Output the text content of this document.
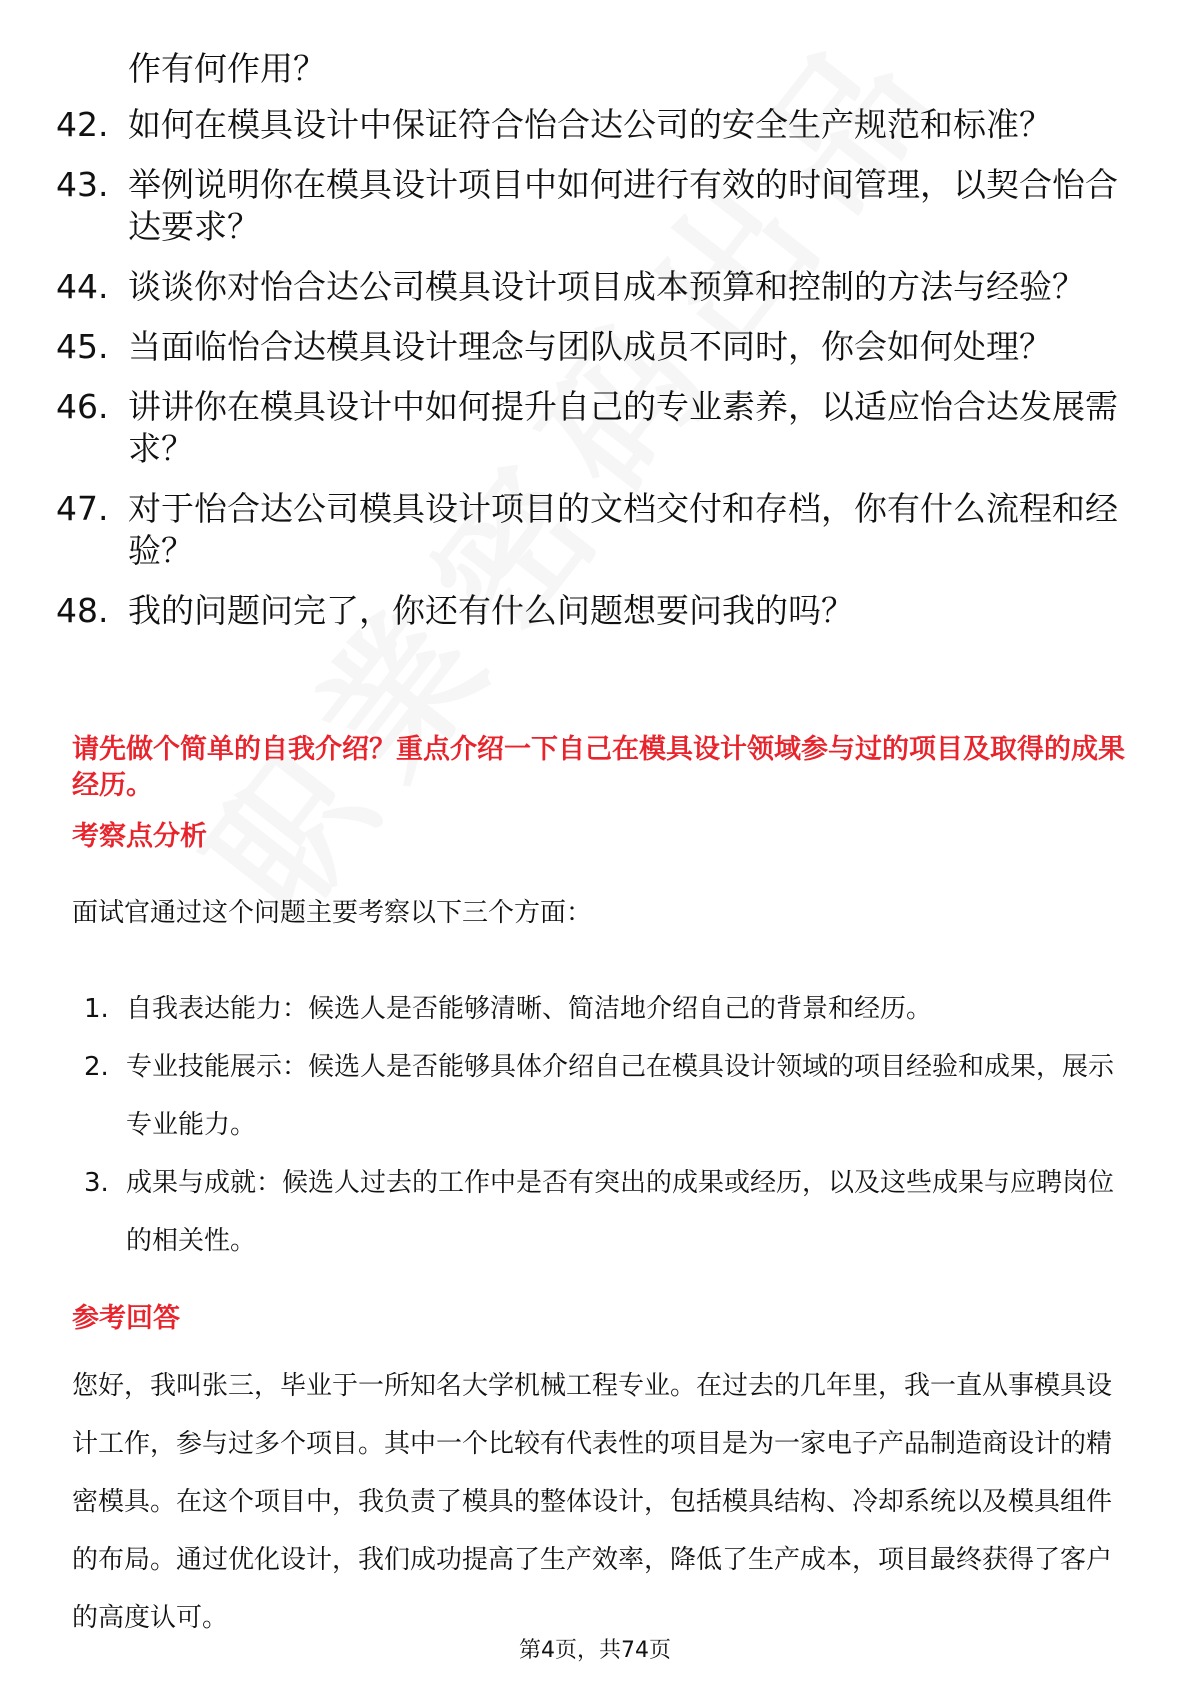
作有何作用？
42. 如何在模具设计中保证符合怡合达公司的安全生产规范和标准？
43. 举例说明你在模具设计项目中如何进行有效的时间管理，以契合怡合达要求？
44. 谈谈你对怡合达公司模具设计项目成本预算和控制的方法与经验？
45. 当面临怡合达模具设计理念与团队成员不同时，你会如何处理？
46. 讲讲你在模具设计中如何提升自己的专业素养，以适应怡合达发展需求？
47. 对于怡合达公司模具设计项目的文档交付和存档，你有什么流程和经验？
48. 我的问题问完了，你还有什么问题想要问我的吗？
请先做个简单的自我介绍？重点介绍一下自己在模具设计领域参与过的项目及取得的成果经历。
考察点分析
面试官通过这个问题主要考察以下三个方面：
1. 自我表达能力：候选人是否能够清晰、简洁地介绍自己的背景和经历。
2. 专业技能展示：候选人是否能够具体介绍自己在模具设计领域的项目经验和成果，展示专业能力。
3. 成果与成就：候选人过去的工作中是否有突出的成果或经历，以及这些成果与应聘岗位的相关性。
参考回答
您好，我叫张三，毕业于一所知名大学机械工程专业。在过去的几年里，我一直从事模具设计工作，参与过多个项目。其中一个比较有代表性的项目是为一家电子产品制造商设计的精密模具。在这个项目中，我负责了模具的整体设计，包括模具结构、冷却系统以及模具组件的布局。通过优化设计，我们成功提高了生产效率，降低了生产成本，项目最终获得了客户的高度认可。
第4页，共74页
